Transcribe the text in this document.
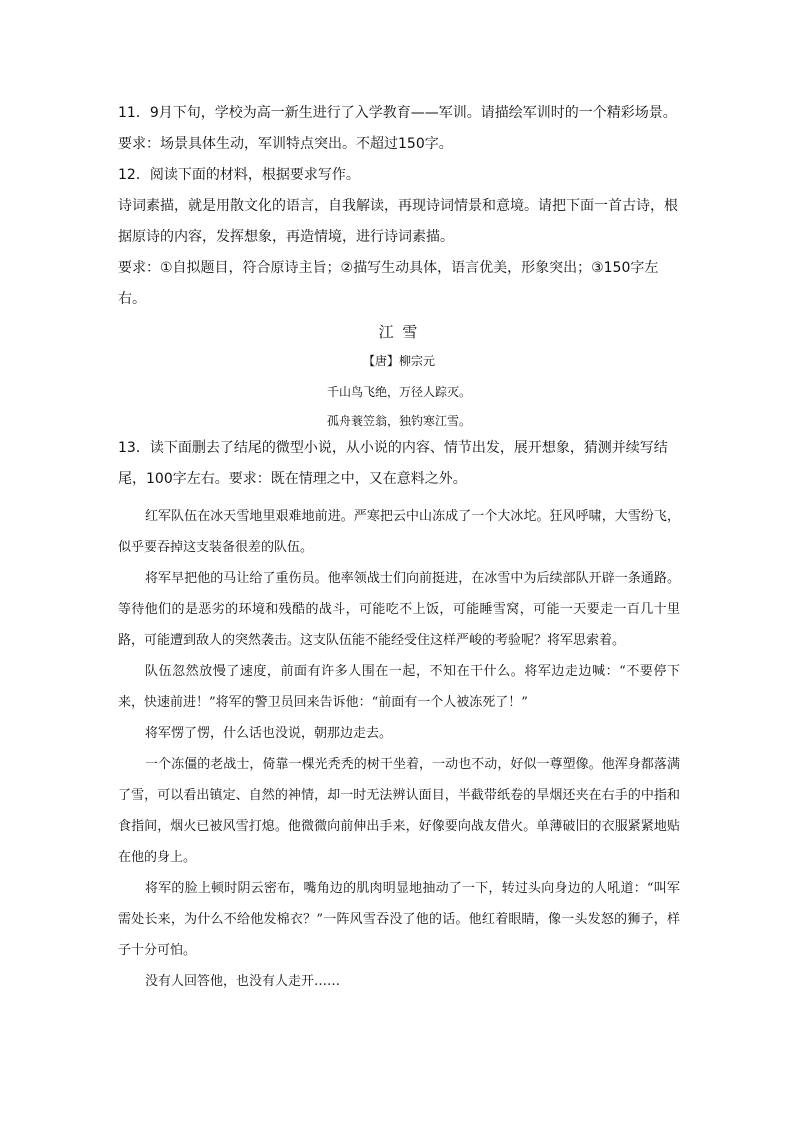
11．9月下旬，学校为高一新生进行了入学教育——军训。请描绘军训时的一个精彩场景。

要求：场景具体生动，军训特点突出。不超过150字。

12．阅读下面的材料，根据要求写作。

诗词素描，就是用散文化的语言，自我解读，再现诗词情景和意境。请把下面一首古诗，根据原诗的内容，发挥想象，再造情境，进行诗词素描。

要求：①自拟题目，符合原诗主旨；②描写生动具体，语言优美，形象突出；③150字左右。

江 雪

【唐】柳宗元

千山鸟飞绝，万径人踪灭。

孤舟蓑笠翁，独钓寒江雪。

13．读下面删去了结尾的微型小说，从小说的内容、情节出发，展开想象，猜测并续写结尾，100字左右。要求：既在情理之中，又在意料之外。

红军队伍在冰天雪地里艰难地前进。严寒把云中山冻成了一个大冰坨。狂风呼啸，大雪纷飞，似乎要吞掉这支装备很差的队伍。

将军早把他的马让给了重伤员。他率领战士们向前挺进，在冰雪中为后续部队开辟一条通路。等待他们的是恶劣的环境和残酷的战斗，可能吃不上饭，可能睡雪窝，可能一天要走一百几十里路，可能遭到敌人的突然袭击。这支队伍能不能经受住这样严峻的考验呢？将军思索着。

队伍忽然放慢了速度，前面有许多人围在一起，不知在干什么。将军边走边喊：“不要停下来，快速前进！”将军的警卫员回来告诉他：“前面有一个人被冻死了！”

将军愣了愣，什么话也没说，朝那边走去。

一个冻僵的老战士，倚靠一棵光秃秃的树干坐着，一动也不动，好似一尊塑像。他浑身都落满了雪，可以看出镇定、自然的神情，却一时无法辨认面目，半截带纸卷的旱烟还夹在右手的中指和食指间，烟火已被风雪打熄。他微微向前伸出手来，好像要向战友借火。单薄破旧的衣服紧紧地贴在他的身上。

将军的脸上顿时阴云密布，嘴角边的肌肉明显地抽动了一下，转过头向身边的人吼道：“叫军需处长来，为什么不给他发棉衣？”一阵风雪吞没了他的话。他红着眼睛，像一头发怒的狮子，样子十分可怕。

没有人回答他，也没有人走开……
